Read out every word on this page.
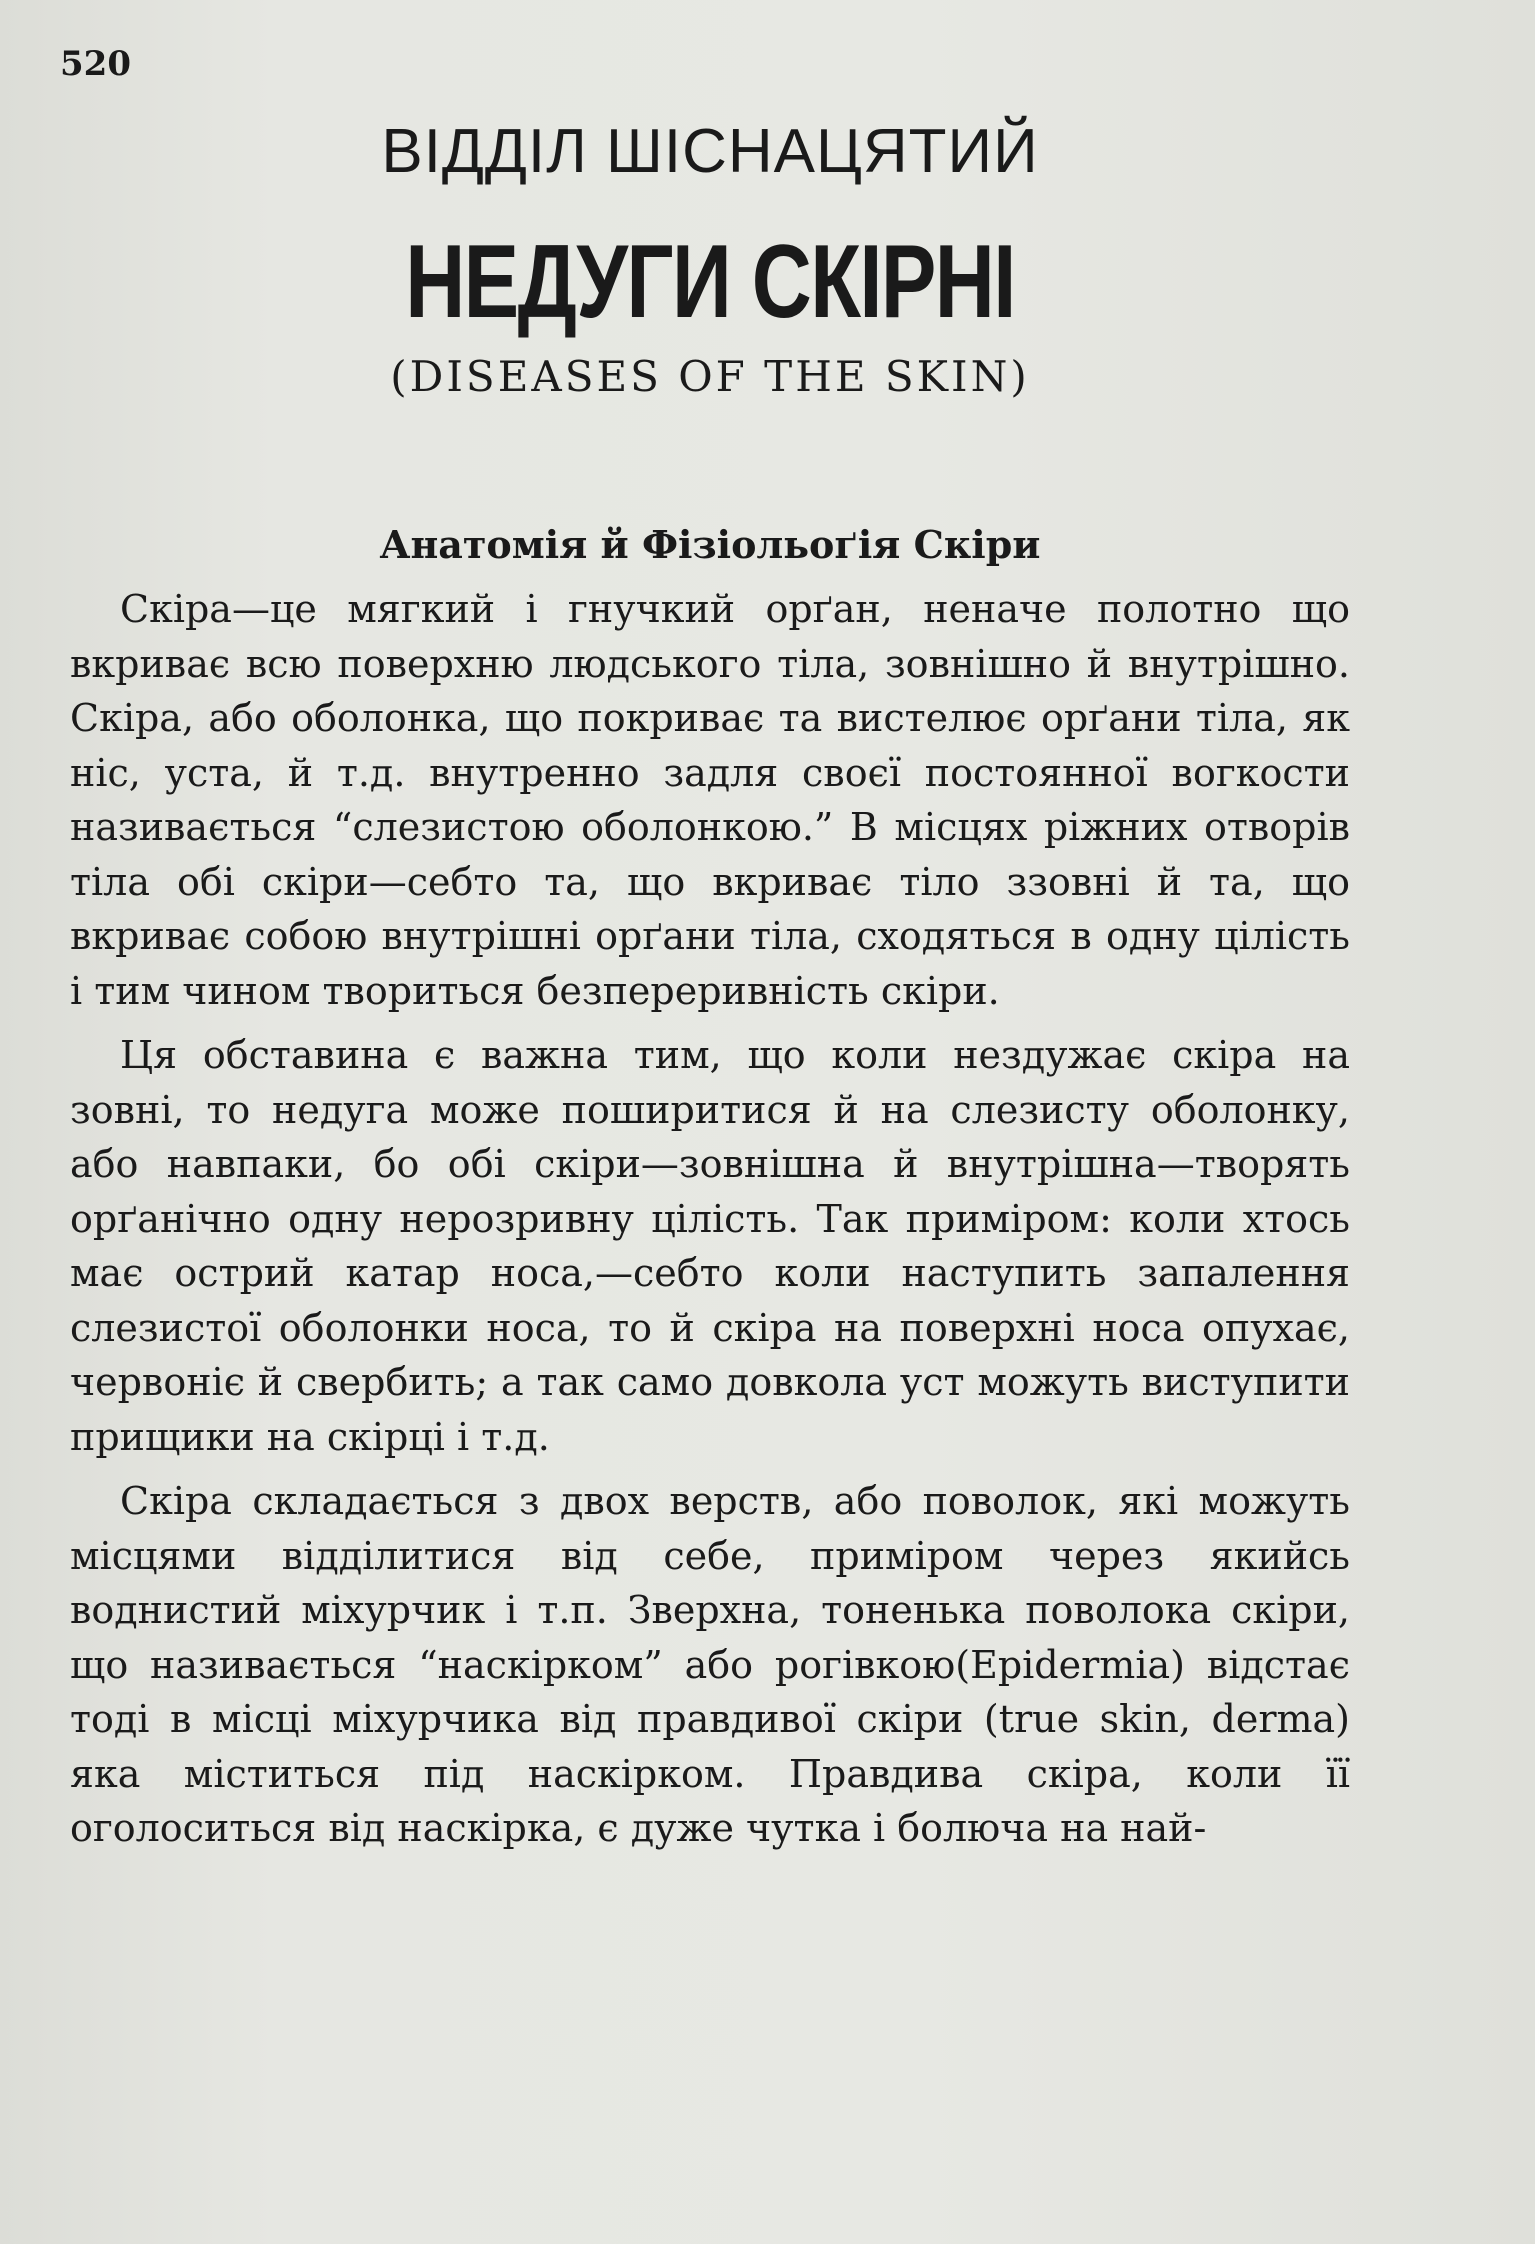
520
ВІДДІЛ ШІСНАЦЯТИЙ
НЕДУГИ СКІРНІ
(DISEASES OF THE SKIN)
Анатомія й Фізіольоґія Скіри

Скіра—це мягкий і гнучкий орґан, неначе полотно що вкриває всю поверхню людського тіла, зовнішно й внутрішно. Скіра, або оболонка, що покриває та вистелює орґани тіла, як ніс, уста, й т.д. внутренно задля своєї постоянної вогкости називається “слезистою оболонкою.” В місцях ріжних отворів тіла обі скіри—себто та, що вкриває тіло ззовні й та, що вкриває собою внутрішні орґани тіла, сходяться в одну цілість і тим чином твориться безпереривність скіри.

Ця обставина є важна тим, що коли нездужає скіра на зовні, то недуга може поширитися й на слезисту оболонку, або навпаки, бо обі скіри—зовнішна й внутрішна—творять орґанічно одну нерозривну цілість. Так приміром: коли хтось має острий катар носа,—себто коли наступить запалення слезистої оболонки носа, то й скіра на поверхні носа опухає, червоніє й свербить; а так само довкола уст можуть виступити прищики на скірці і т.д.

Скіра складається з двох верств, або поволок, які можуть місцями відділитися від себе, приміром через якийсь воднистий міхурчик і т.п. Зверхна, тоненька поволока скіри, що називається “наскірком” або рогівкою(Epidermia) відстає тоді в місці міхурчика від правдивої скіри (true skin, derma) яка міститься під наскірком. Правдива скіра, коли її оголоситься від наскірка, є дуже чутка і болюча на най-
